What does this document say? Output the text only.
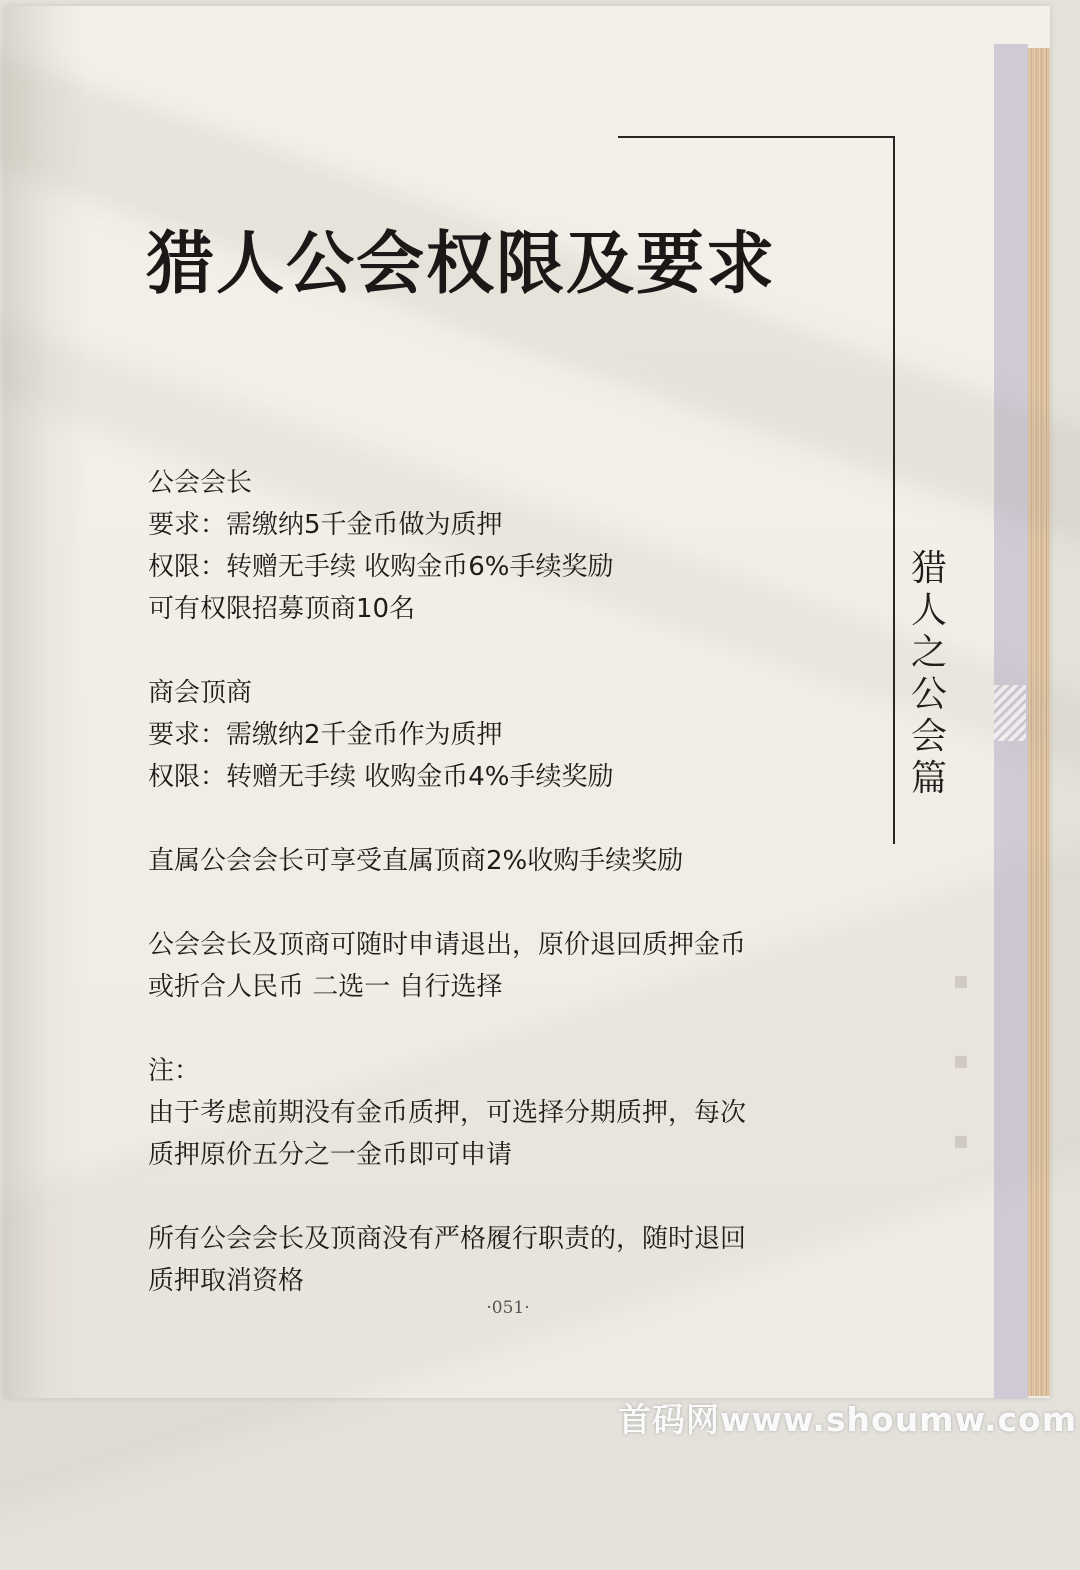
猎人公会权限及要求
猎人之公会篇
▪
▪
▪
公会会长
要求：需缴纳5千金币做为质押
权限：转赠无手续 收购金币6%手续奖励
可有权限招募顶商10名
商会顶商
要求：需缴纳2千金币作为质押
权限：转赠无手续 收购金币4%手续奖励
直属公会会长可享受直属顶商2%收购手续奖励
公会会长及顶商可随时申请退出，原价退回质押金币
或折合人民币 二选一 自行选择
注：
由于考虑前期没有金币质押，可选择分期质押，每次
质押原价五分之一金币即可申请
所有公会会长及顶商没有严格履行职责的，随时退回
质押取消资格
·051·
首码网www.shoumw.com
